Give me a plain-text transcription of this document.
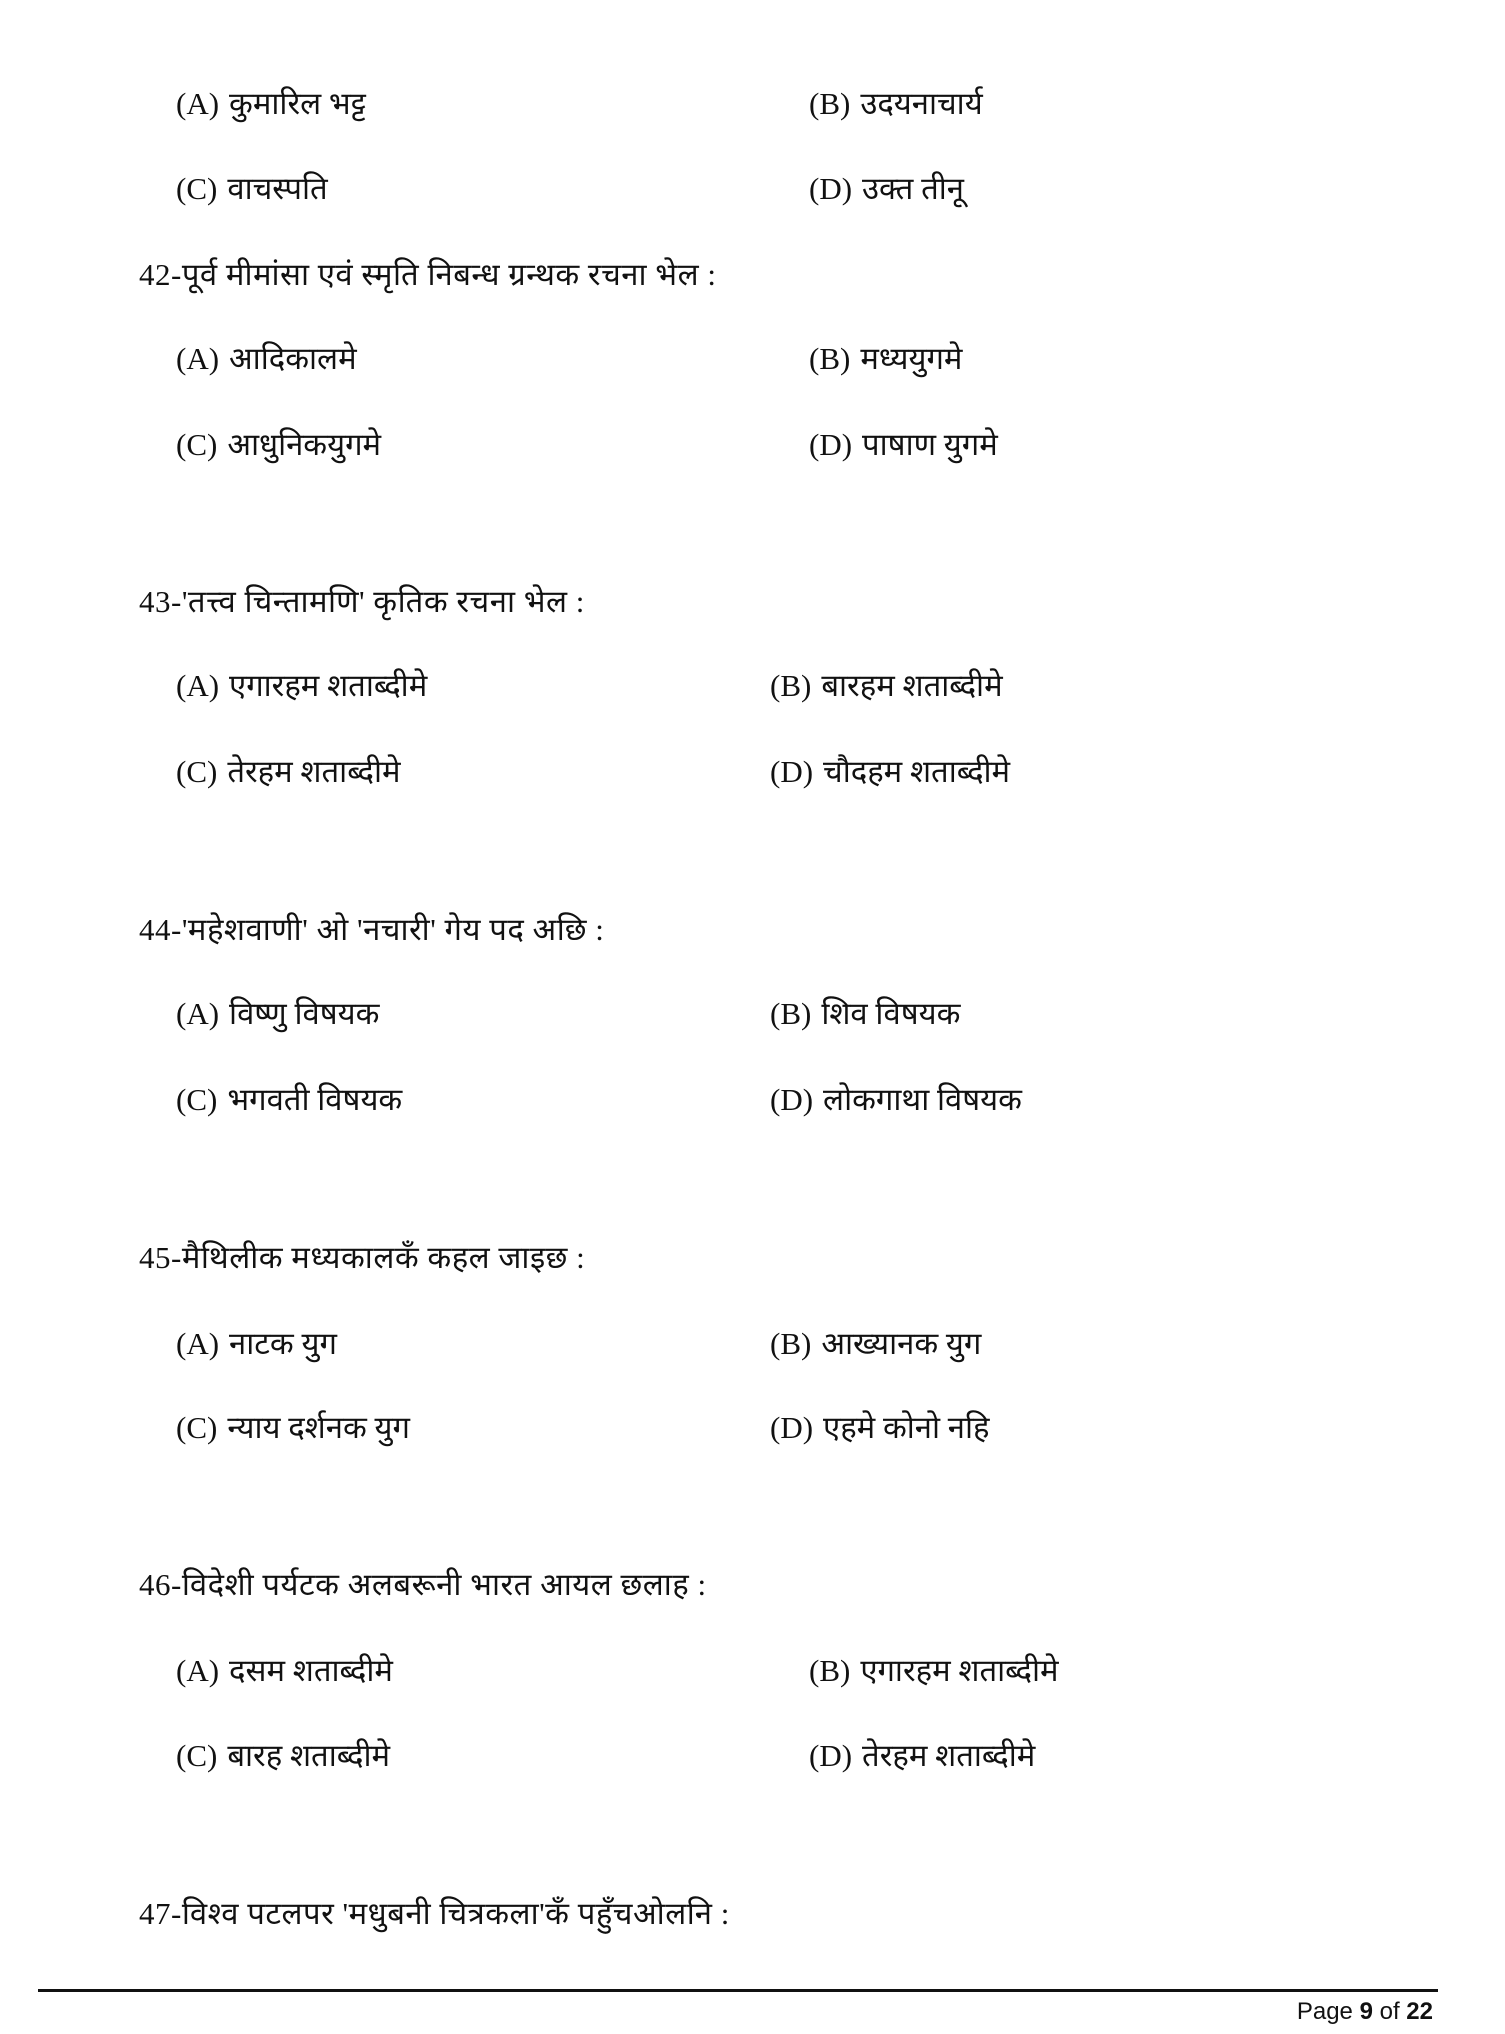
(A) कुमारिल भट्ट	(B) उदयनाचार्य
(C) वाचस्पति	(D) उक्त तीनू
42-पूर्व मीमांसा एवं स्मृति निबन्ध ग्रन्थक रचना भेल :
(A) आदिकालमे	(B) मध्ययुगमे
(C) आधुनिकयुगमे	(D) पाषाण युगमे
43-'तत्त्व चिन्तामणि' कृतिक रचना भेल :
(A) एगारहम शताब्दीमे	(B) बारहम शताब्दीमे
(C) तेरहम शताब्दीमे	(D) चौदहम शताब्दीमे
44-'महेशवाणी' ओ 'नचारी' गेय पद अछि :
(A) विष्णु विषयक	(B) शिव विषयक
(C) भगवती विषयक	(D) लोकगाथा विषयक
45-मैथिलीक मध्यकालकँ कहल जाइछ :
(A) नाटक युग	(B) आख्यानक युग
(C) न्याय दर्शनक युग	(D) एहमे कोनो नहि
46-विदेशी पर्यटक अलबरूनी भारत आयल छलाह :
(A) दसम शताब्दीमे	(B) एगारहम शताब्दीमे
(C) बारह शताब्दीमे	(D) तेरहम शताब्दीमे
47-विश्व पटलपर 'मधुबनी चित्रकला'कँ पहुँचओलनि :
Page 9 of 22
